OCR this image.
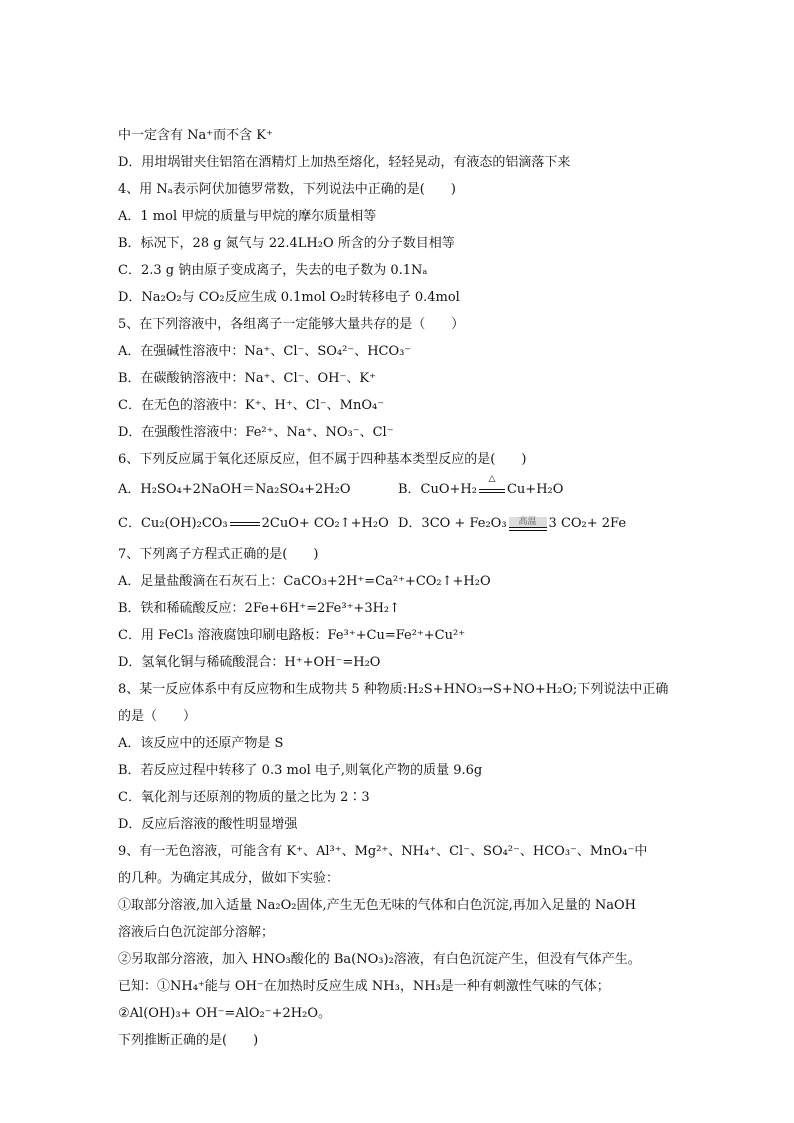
中一定含有 Na⁺而不含 K⁺
D．用坩埚钳夹住铝箔在酒精灯上加热至熔化，轻轻晃动，有液态的铝滴落下来
4、用 Nₐ表示阿伏加德罗常数，下列说法中正确的是(　　)
A．1 mol 甲烷的质量与甲烷的摩尔质量相等
B．标况下，28 g 氮气与 22.4LH₂O 所含的分子数目相等
C．2.3 g 钠由原子变成离子，失去的电子数为 0.1Nₐ
D．Na₂O₂与 CO₂反应生成 0.1mol O₂时转移电子 0.4mol
5、在下列溶液中，各组离子一定能够大量共存的是（　　）
A．在强碱性溶液中：Na⁺、Cl⁻、SO₄²⁻、HCO₃⁻
B．在碳酸钠溶液中：Na⁺、Cl⁻、OH⁻、K⁺
C．在无色的溶液中：K⁺、H⁺、Cl⁻、MnO₄⁻
D．在强酸性溶液中：Fe²⁺、Na⁺、NO₃⁻、Cl⁻
6、下列反应属于氧化还原反应，但不属于四种基本类型反应的是(　　)
A．H₂SO₄+2NaOH＝Na₂SO₄+2H₂O	B．CuO+H₂
△
Cu+H₂O
C．Cu₂(OH)₂CO₃	2CuO+ CO₂↑+H₂O D．3CO + Fe₂O₃	高温 3 CO₂+ 2Fe
7、下列离子方程式正确的是(　　)
A．足量盐酸滴在石灰石上：CaCO₃+2H⁺=Ca²⁺+CO₂↑+H₂O
B．铁和稀硫酸反应：2Fe+6H⁺=2Fe³⁺+3H₂↑
C．用 FeCl₃ 溶液腐蚀印刷电路板：Fe³⁺+Cu=Fe²⁺+Cu²⁺
D．氢氧化铜与稀硫酸混合：H⁺+OH⁻=H₂O
8、某一反应体系中有反应物和生成物共 5 种物质:H₂S+HNO₃→S+NO+H₂O;下列说法中正确
的是（　　）
A．该反应中的还原产物是 S
B．若反应过程中转移了 0.3 mol 电子,则氧化产物的质量 9.6g
C．氧化剂与还原剂的物质的量之比为 2∶3
D．反应后溶液的酸性明显增强
9、有一无色溶液，可能含有 K⁺、Al³⁺、Mg²⁺、NH₄⁺、Cl⁻、SO₄²⁻、HCO₃⁻、MnO₄⁻中
的几种。为确定其成分，做如下实验：
①取部分溶液,加入适量 Na₂O₂固体,产生无色无味的气体和白色沉淀,再加入足量的 NaOH
溶液后白色沉淀部分溶解；
②另取部分溶液，加入 HNO₃酸化的 Ba(NO₃)₂溶液，有白色沉淀产生，但没有气体产生。
已知：①NH₄⁺能与 OH⁻在加热时反应生成 NH₃，NH₃是一种有刺激性气味的气体；
②Al(OH)₃+ OH⁻=AlO₂⁻+2H₂O。
下列推断正确的是(　　)
